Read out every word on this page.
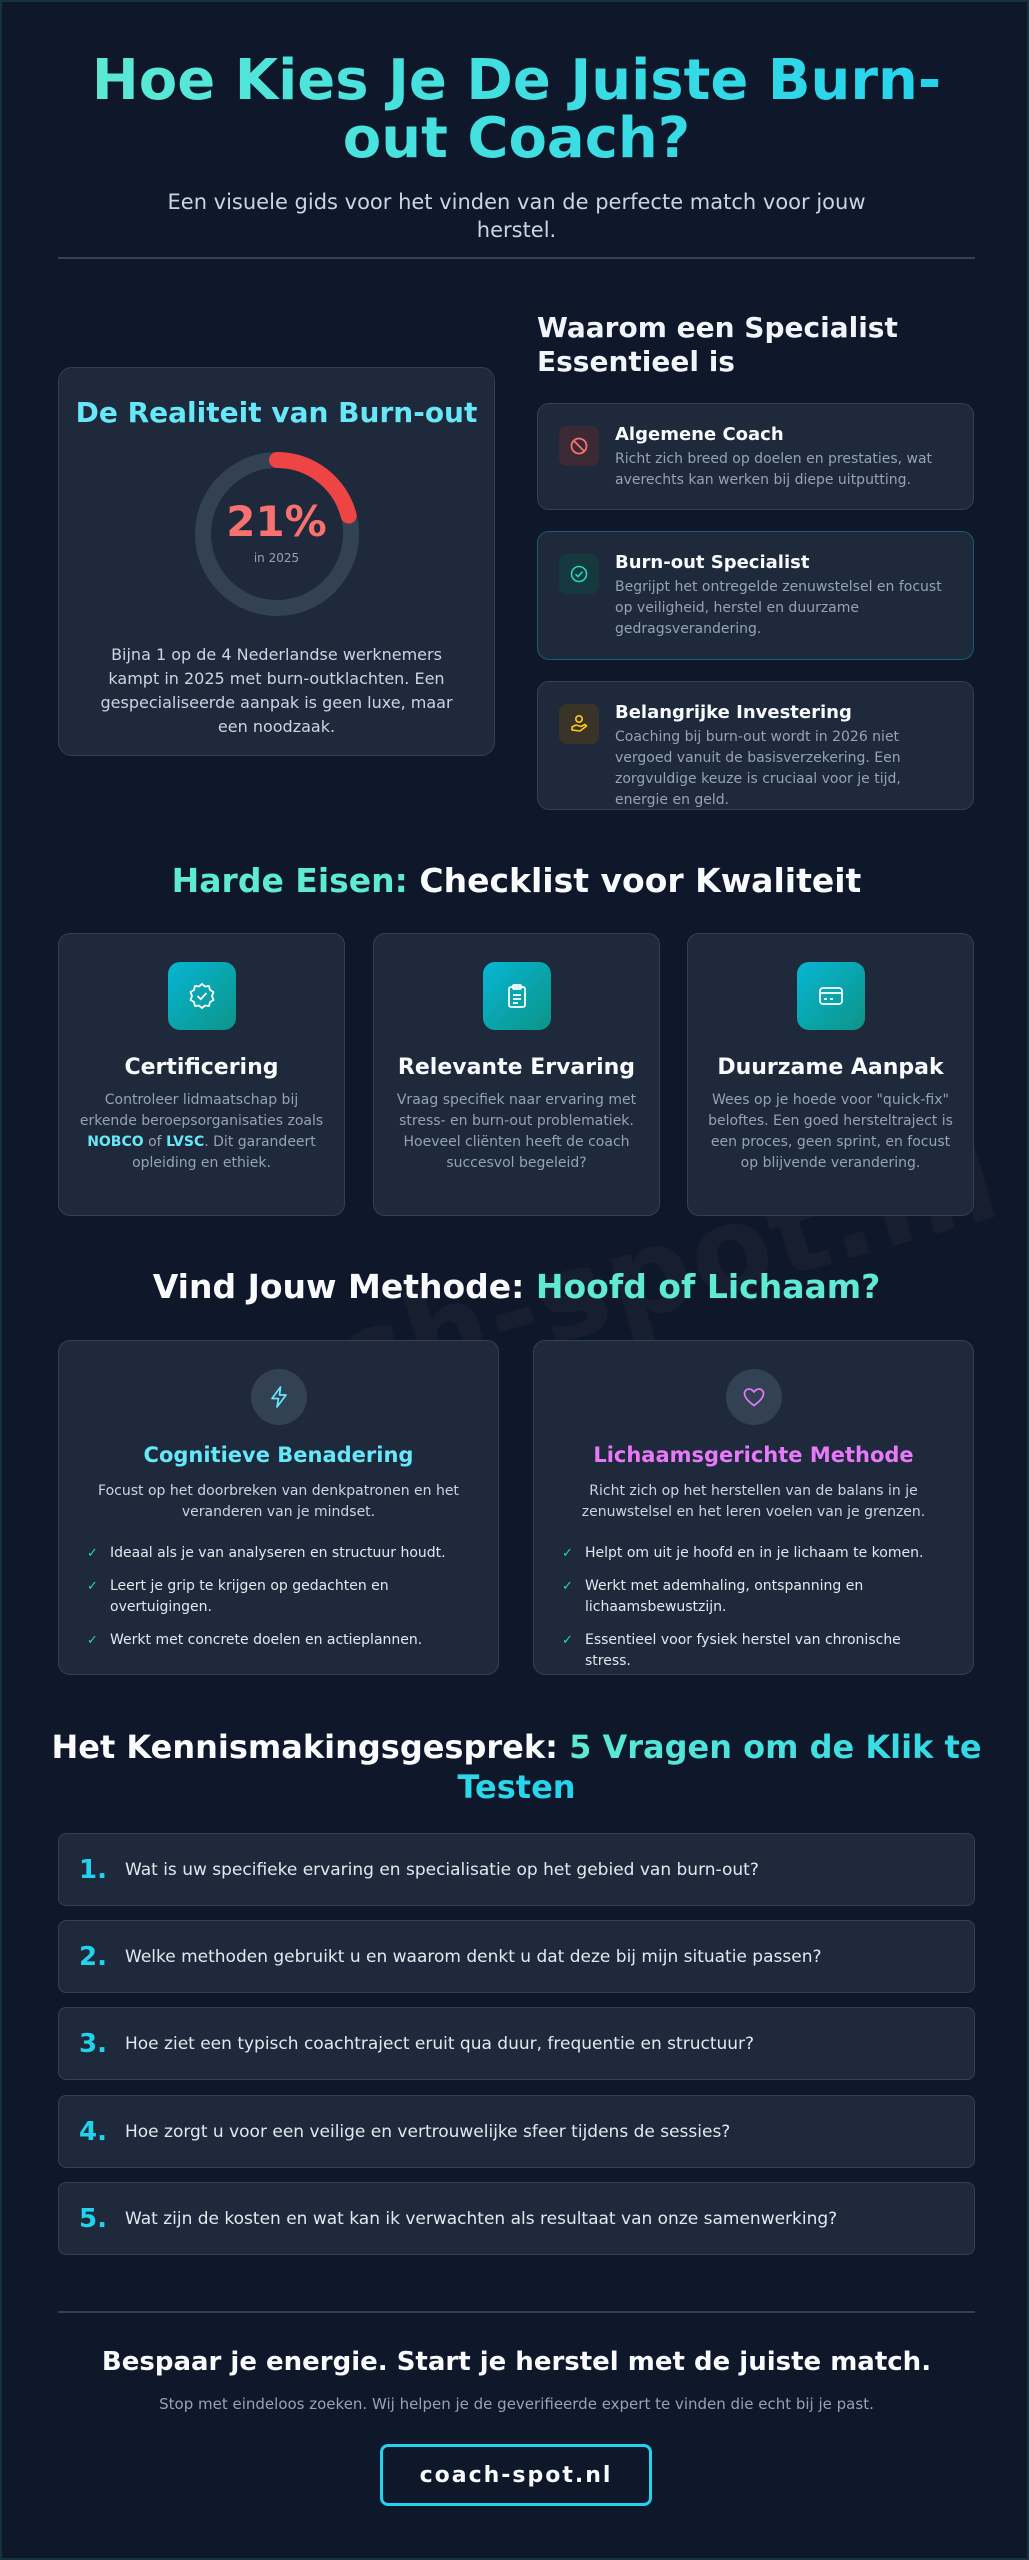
Hoe Kies Je De Juiste Burn-out Coach?

Een visuele gids voor het vinden van de perfecte match voor jouw herstel.

De Realiteit van Burn-out
21%
in 2025

Bijna 1 op de 4 Nederlandse werknemers kampt in 2025 met burn-outklachten. Een gespecialiseerde aanpak is geen luxe, maar een noodzaak.

Waarom een Specialist Essentieel is
Algemene Coach
Richt zich breed op doelen en prestaties, wat averechts kan werken bij diepe uitputting.
Burn-out Specialist
Begrijpt het ontregelde zenuwstelsel en focust op veiligheid, herstel en duurzame gedragsverandering.
Belangrijke Investering
Coaching bij burn-out wordt in 2026 niet vergoed vanuit de basisverzekering. Een zorgvuldige keuze is cruciaal voor je tijd, energie en geld.
Harde Eisen: Checklist voor Kwaliteit
Certificering

Controleer lidmaatschap bij erkende beroepsorganisaties zoals NOBCO of LVSC. Dit garandeert opleiding en ethiek.

Relevante Ervaring

Vraag specifiek naar ervaring met stress- en burn-out problematiek. Hoeveel cliënten heeft de coach succesvol begeleid?

Duurzame Aanpak

Wees op je hoede voor "quick-fix" beloftes. Een goed hersteltraject is een proces, geen sprint, en focust op blijvende verandering.

Vind Jouw Methode: Hoofd of Lichaam?
Cognitieve Benadering

Focust op het doorbreken van denkpatronen en het veranderen van je mindset.

✓ Ideaal als je van analyseren en structuur houdt.
✓ Leert je grip te krijgen op gedachten en overtuigingen.
✓ Werkt met concrete doelen en actieplannen.
Lichaamsgerichte Methode

Richt zich op het herstellen van de balans in je zenuwstelsel en het leren voelen van je grenzen.

✓ Helpt om uit je hoofd en in je lichaam te komen.
✓ Werkt met ademhaling, ontspanning en lichaamsbewustzijn.
✓ Essentieel voor fysiek herstel van chronische stress.
Het Kennismakingsgesprek: 5 Vragen om de Klik te Testen
1.	Wat is uw specifieke ervaring en specialisatie op het gebied van burn-out?
2.	Welke methoden gebruikt u en waarom denkt u dat deze bij mijn situatie passen?
3.	Hoe ziet een typisch coachtraject eruit qua duur, frequentie en structuur?
4.	Hoe zorgt u voor een veilige en vertrouwelijke sfeer tijdens de sessies?
5.	Wat zijn de kosten en wat kan ik verwachten als resultaat van onze samenwerking?
Bespaar je energie. Start je herstel met de juiste match.

Stop met eindeloos zoeken. Wij helpen je de geverifieerde expert te vinden die echt bij je past.

coach-spot.nl
